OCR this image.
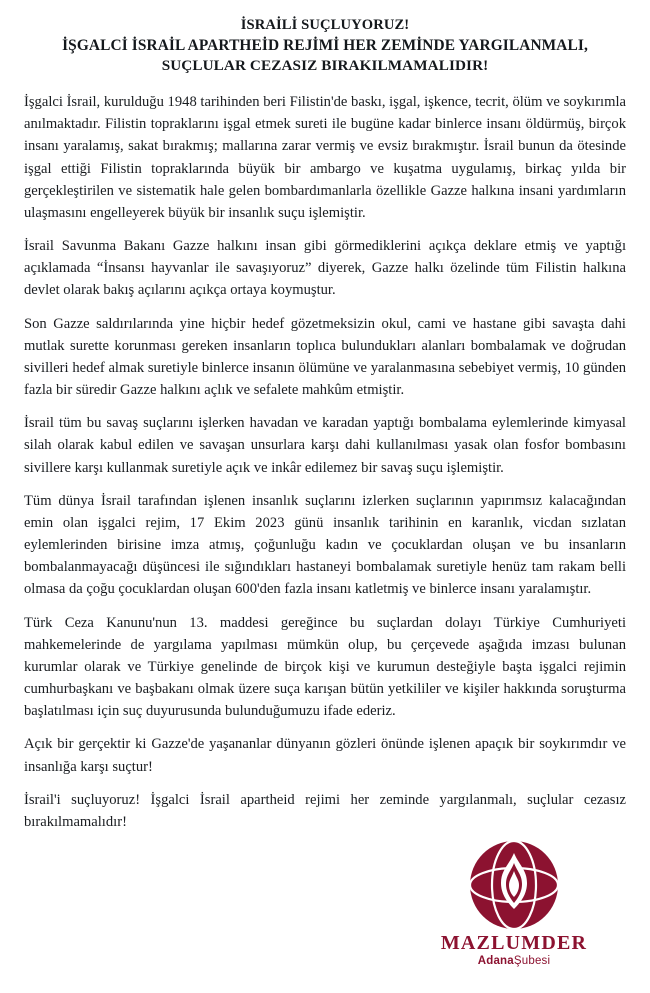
İSRAİLİ SUÇLUYORUZ!
İŞGALCİ İSRAİL APARTHEİD REJİMİ HER ZEMİNDE YARGILANMALI,
SUÇLULAR CEZASIZ BIRAKILMAMALIDIR!

İşgalci İsrail, kurulduğu 1948 tarihinden beri Filistin'de baskı, işgal, işkence, tecrit, ölüm ve soykırımla anılmaktadır. Filistin topraklarını işgal etmek sureti ile bugüne kadar binlerce insanı öldürmüş, birçok insanı yaralamış, sakat bırakmış; mallarına zarar vermiş ve evsiz bırakmıştır. İsrail bunun da ötesinde işgal ettiği Filistin topraklarında büyük bir ambargo ve kuşatma uygulamış, birkaç yılda bir gerçekleştirilen ve sistematik hale gelen bombardımanlarla özellikle Gazze halkına insani yardımların ulaşmasını engelleyerek büyük bir insanlık suçu işlemiştir.

İsrail Savunma Bakanı Gazze halkını insan gibi görmediklerini açıkça deklare etmiş ve yaptığı açıklamada “İnsansı hayvanlar ile savaşıyoruz” diyerek, Gazze halkı özelinde tüm Filistin halkına devlet olarak bakış açılarını açıkça ortaya koymuştur.

Son Gazze saldırılarında yine hiçbir hedef gözetmeksizin okul, cami ve hastane gibi savaşta dahi mutlak surette korunması gereken insanların toplıca bulundukları alanları bombalamak ve doğrudan sivilleri hedef almak suretiyle binlerce insanın ölümüne ve yaralanmasına sebebiyet vermiş, 10 günden fazla bir süredir Gazze halkını açlık ve sefalete mahkûm etmiştir.

İsrail tüm bu savaş suçlarını işlerken havadan ve karadan yaptığı bombalama eylemlerinde kimyasal silah olarak kabul edilen ve savaşan unsurlara karşı dahi kullanılması yasak olan fosfor bombasını sivillere karşı kullanmak suretiyle açık ve inkâr edilemez bir savaş suçu işlemiştir.

Tüm dünya İsrail tarafından işlenen insanlık suçlarını izlerken suçlarının yapırımsız kalacağından emin olan işgalci rejim, 17 Ekim 2023 günü insanlık tarihinin en karanlık, vicdan sızlatan eylemlerinden birisine imza atmış, çoğunluğu kadın ve çocuklardan oluşan ve bu insanların bombalanmayacağı düşüncesi ile sığındıkları hastaneyi bombalamak suretiyle henüz tam rakam belli olmasa da çoğu çocuklardan oluşan 600'den fazla insanı katletmiş ve binlerce insanı yaralamıştır.

Türk Ceza Kanunu'nun 13. maddesi gereğince bu suçlardan dolayı Türkiye Cumhuriyeti mahkemelerinde de yargılama yapılması mümkün olup, bu çerçevede aşağıda imzası bulunan kurumlar olarak ve Türkiye genelinde de birçok kişi ve kurumun desteğiyle başta işgalci rejimin cumhurbaşkanı ve başbakanı olmak üzere suça karışan bütün yetkililer ve kişiler hakkında soruşturma başlatılması için suç duyurusunda bulunduğumuzu ifade ederiz.

Açık bir gerçektir ki Gazze'de yaşananlar dünyanın gözleri önünde işlenen apaçık bir soykırımdır ve insanlığa karşı suçtur!

İsrail'i suçluyoruz! İşgalci İsrail apartheid rejimi her zeminde yargılanmalı, suçlular cezasız bırakılmamalıdır!

MAZLUMDER
AdanaŞubesi
